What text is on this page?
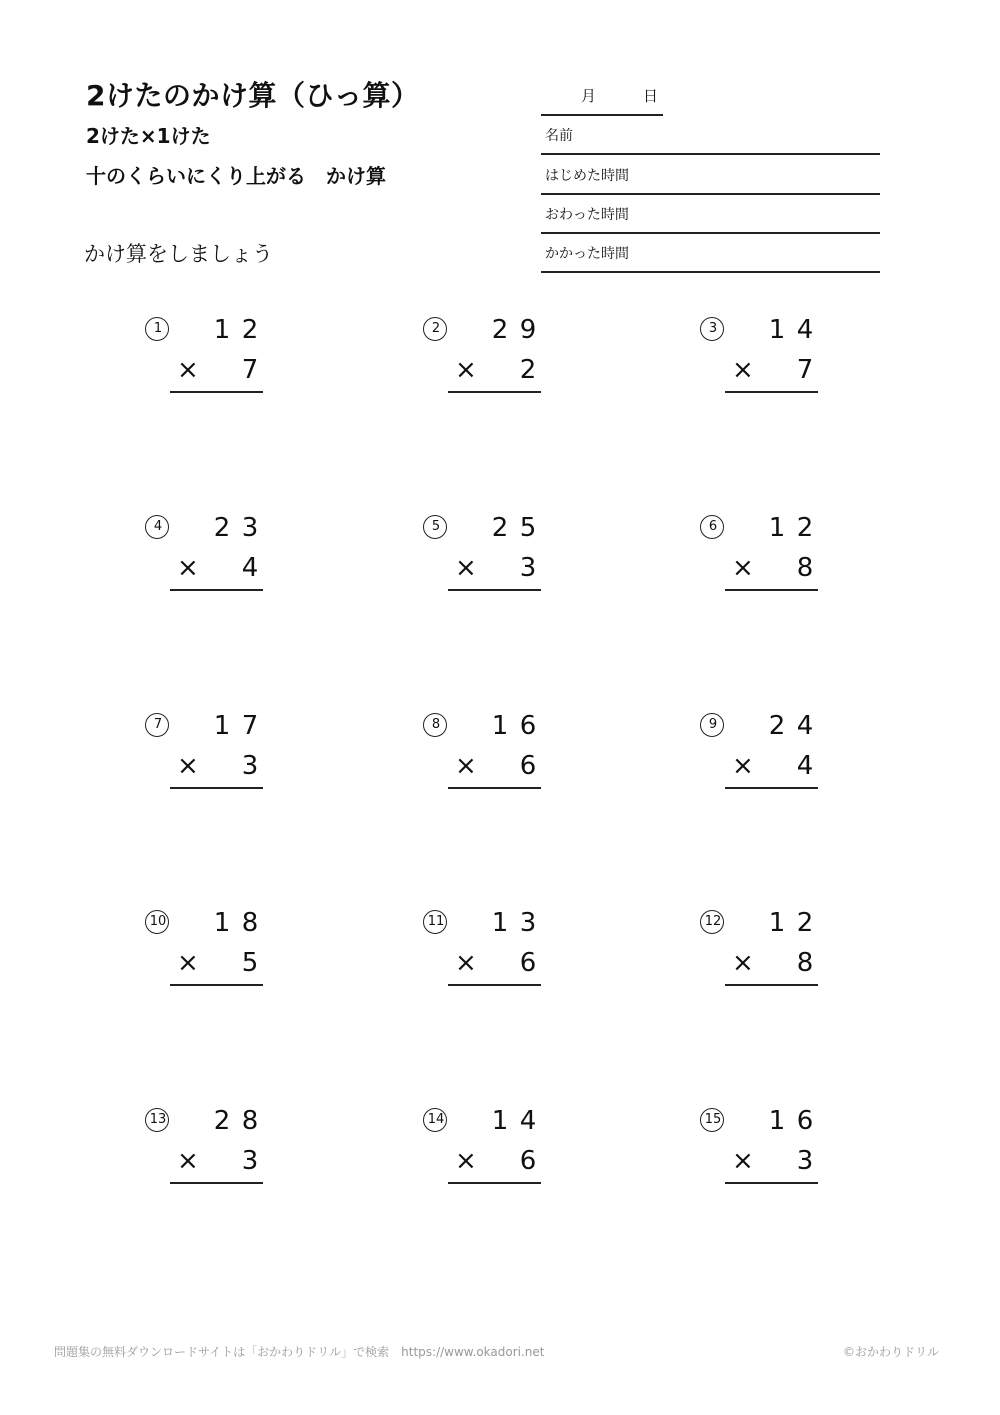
2けたのかけ算（ひっ算）
2けた×1けた
十のくらいにくり上がる　かけ算
かけ算をしましょう
月	日
名前
はじめた時間
おわった時間
かかった時間
1	1 2
× 7
2	2 9
× 2
3	1 4
× 7
4	2 3
× 4
5	2 5
× 3
6	1 2
× 8
7	1 7
× 3
8	1 6
× 6
9	2 4
× 4
10 1 8
× 5
11 1 3
× 6
12 1 2
× 8
13 2 8
× 3
14 1 4
× 6
15 1 6
× 3
問題集の無料ダウンロードサイトは「おかわりドリル」で検索　https://www.okadori.net	©おかわりドリル
